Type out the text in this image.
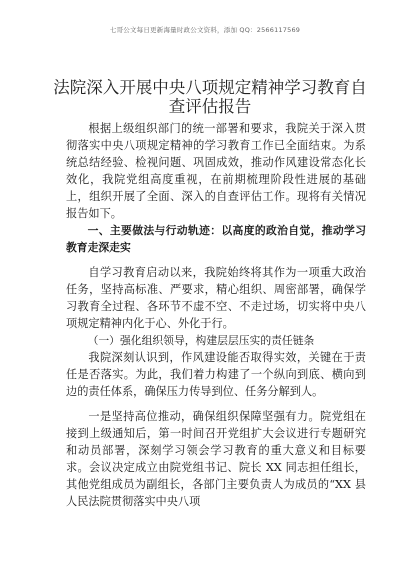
七哥公文每日更新海量时政公文资料，添加 QQ：2566117569
法院深入开展中央八项规定精神学习教育自查评估报告

根据上级组织部门的统一部署和要求，我院关于深入贯彻落实中央八项规定精神的学习教育工作已全面结束。为系统总结经验、检视问题、巩固成效，推动作风建设常态化长效化，我院党组高度重视，在前期梳理阶段性进展的基础上，组织开展了全面、深入的自查评估工作。现将有关情况报告如下。

一、主要做法与行动轨迹：以高度的政治自觉，推动学习教育走深走实

自学习教育启动以来，我院始终将其作为一项重大政治任务，坚持高标准、严要求，精心组织、周密部署，确保学习教育全过程、各环节不虚不空、不走过场，切实将中央八项规定精神内化于心、外化于行。

（一）强化组织领导，构建层层压实的责任链条

我院深刻认识到，作风建设能否取得实效，关键在于责任是否落实。为此，我们着力构建了一个纵向到底、横向到边的责任体系，确保压力传导到位、任务分解到人。

一是坚持高位推动，确保组织保障坚强有力。院党组在接到上级通知后，第一时间召开党组扩大会议进行专题研究和动员部署，深刻学习领会学习教育的重大意义和目标要求。会议决定成立由院党组书记、院长 XX 同志担任组长，其他党组成员为副组长，各部门主要负责人为成员的“XX 县人民法院贯彻落实中央八项
